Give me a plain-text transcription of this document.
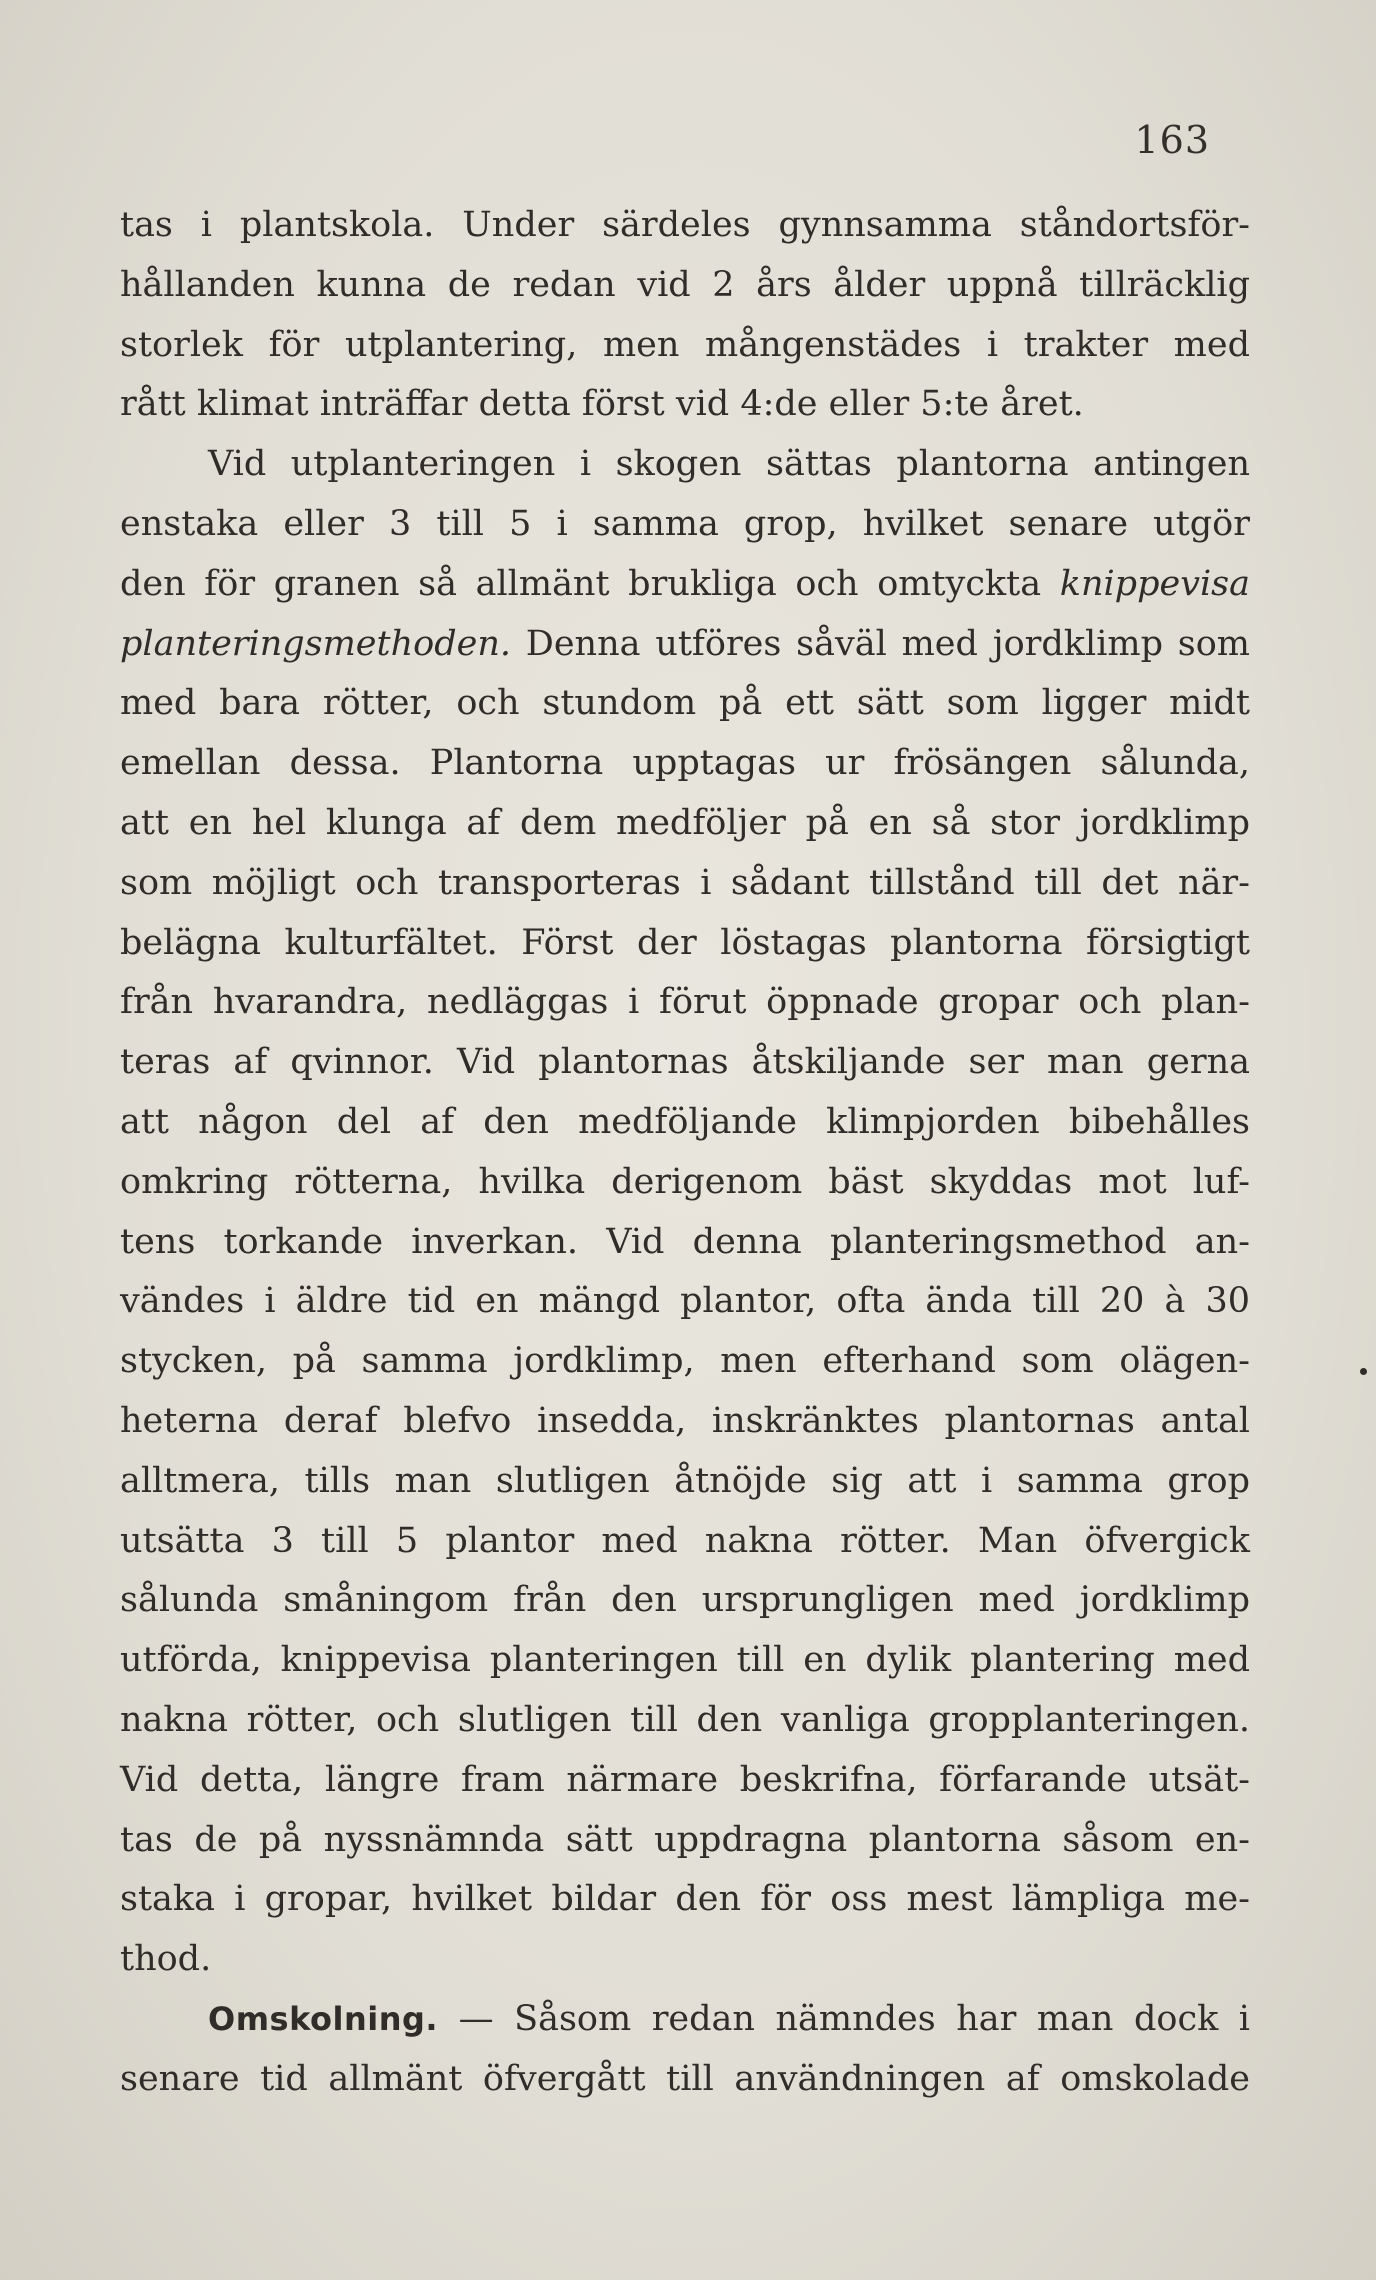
163
tas i plantskola. Under särdeles gynnsamma ståndortsför-
hållanden kunna de redan vid 2 års ålder uppnå tillräcklig
storlek för utplantering, men mångenstädes i trakter med
rått klimat inträffar detta först vid 4:de eller 5:te året.
Vid utplanteringen i skogen sättas plantorna antingen
enstaka eller 3 till 5 i samma grop, hvilket senare utgör
den för granen så allmänt brukliga och omtyckta knippevisa
planteringsmethoden. Denna utföres såväl med jordklimp som
med bara rötter, och stundom på ett sätt som ligger midt
emellan dessa. Plantorna upptagas ur frösängen sålunda,
att en hel klunga af dem medföljer på en så stor jordklimp
som möjligt och transporteras i sådant tillstånd till det när-
belägna kulturfältet. Först der löstagas plantorna försigtigt
från hvarandra, nedläggas i förut öppnade gropar och plan-
teras af qvinnor. Vid plantornas åtskiljande ser man gerna
att någon del af den medföljande klimpjorden bibehålles
omkring rötterna, hvilka derigenom bäst skyddas mot luf-
tens torkande inverkan. Vid denna planteringsmethod an-
vändes i äldre tid en mängd plantor, ofta ända till 20 à 30
stycken, på samma jordklimp, men efterhand som olägen-
heterna deraf blefvo insedda, inskränktes plantornas antal
alltmera, tills man slutligen åtnöjde sig att i samma grop
utsätta 3 till 5 plantor med nakna rötter. Man öfvergick
sålunda småningom från den ursprungligen med jordklimp
utförda, knippevisa planteringen till en dylik plantering med
nakna rötter, och slutligen till den vanliga gropplanteringen.
Vid detta, längre fram närmare beskrifna, förfarande utsät-
tas de på nyssnämnda sätt uppdragna plantorna såsom en-
staka i gropar, hvilket bildar den för oss mest lämpliga me-
thod.
Omskolning. — Såsom redan nämndes har man dock i
senare tid allmänt öfvergått till användningen af omskolade
